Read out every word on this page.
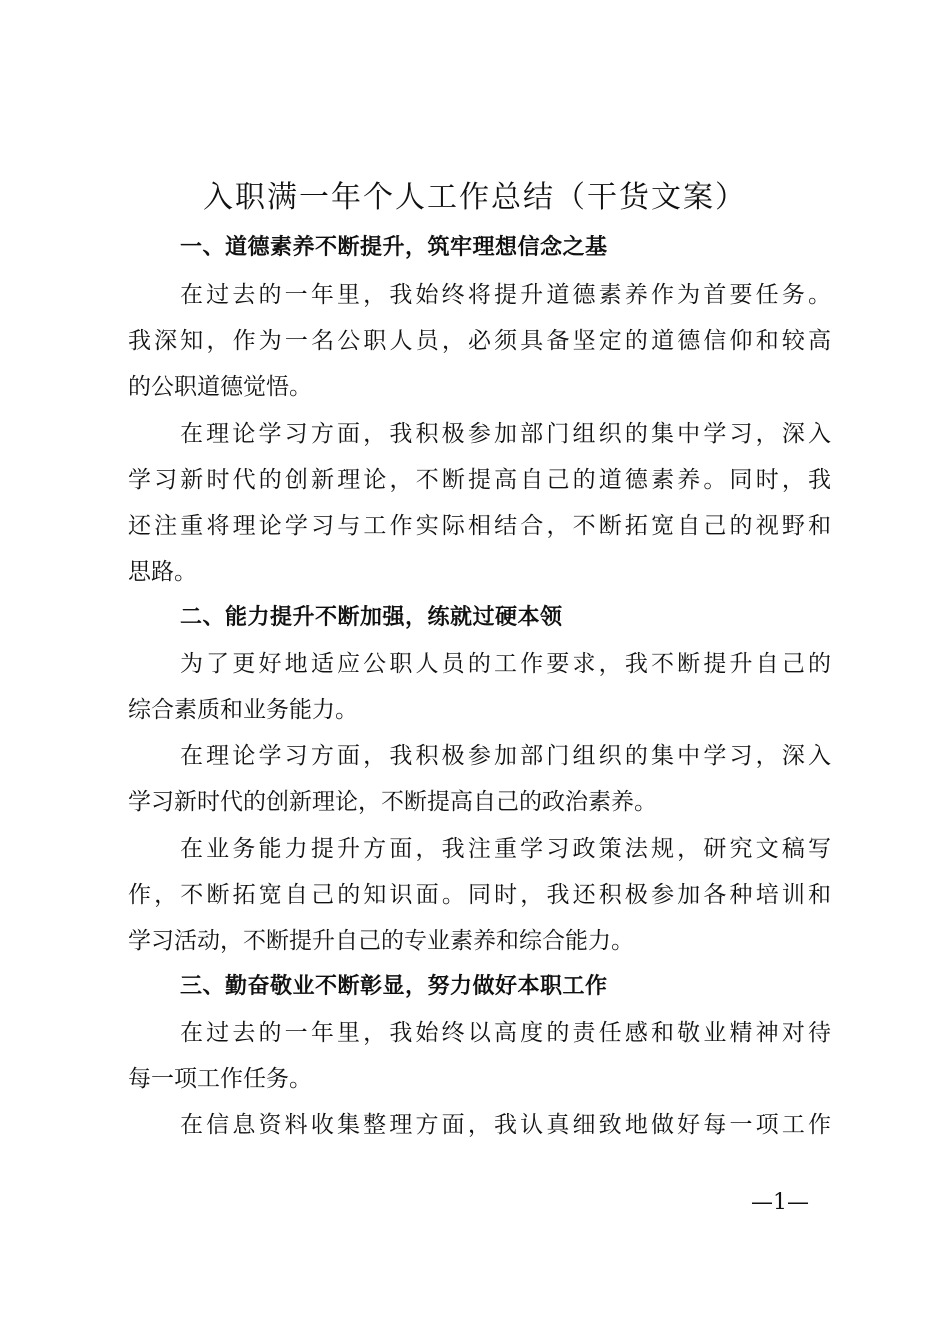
入职满一年个人工作总结（干货文案）
一、道德素养不断提升，筑牢理想信念之基
在过去的一年里，我始终将提升道德素养作为首要任务。
我深知，作为一名公职人员，必须具备坚定的道德信仰和较高
的公职道德觉悟。
在理论学习方面，我积极参加部门组织的集中学习，深入
学习新时代的创新理论，不断提高自己的道德素养。同时，我
还注重将理论学习与工作实际相结合，不断拓宽自己的视野和
思路。
二、能力提升不断加强，练就过硬本领
为了更好地适应公职人员的工作要求，我不断提升自己的
综合素质和业务能力。
在理论学习方面，我积极参加部门组织的集中学习，深入
学习新时代的创新理论，不断提高自己的政治素养。
在业务能力提升方面，我注重学习政策法规，研究文稿写
作，不断拓宽自己的知识面。同时，我还积极参加各种培训和
学习活动，不断提升自己的专业素养和综合能力。
三、勤奋敬业不断彰显，努力做好本职工作
在过去的一年里，我始终以高度的责任感和敬业精神对待
每一项工作任务。
在信息资料收集整理方面，我认真细致地做好每一项工作
—1—
